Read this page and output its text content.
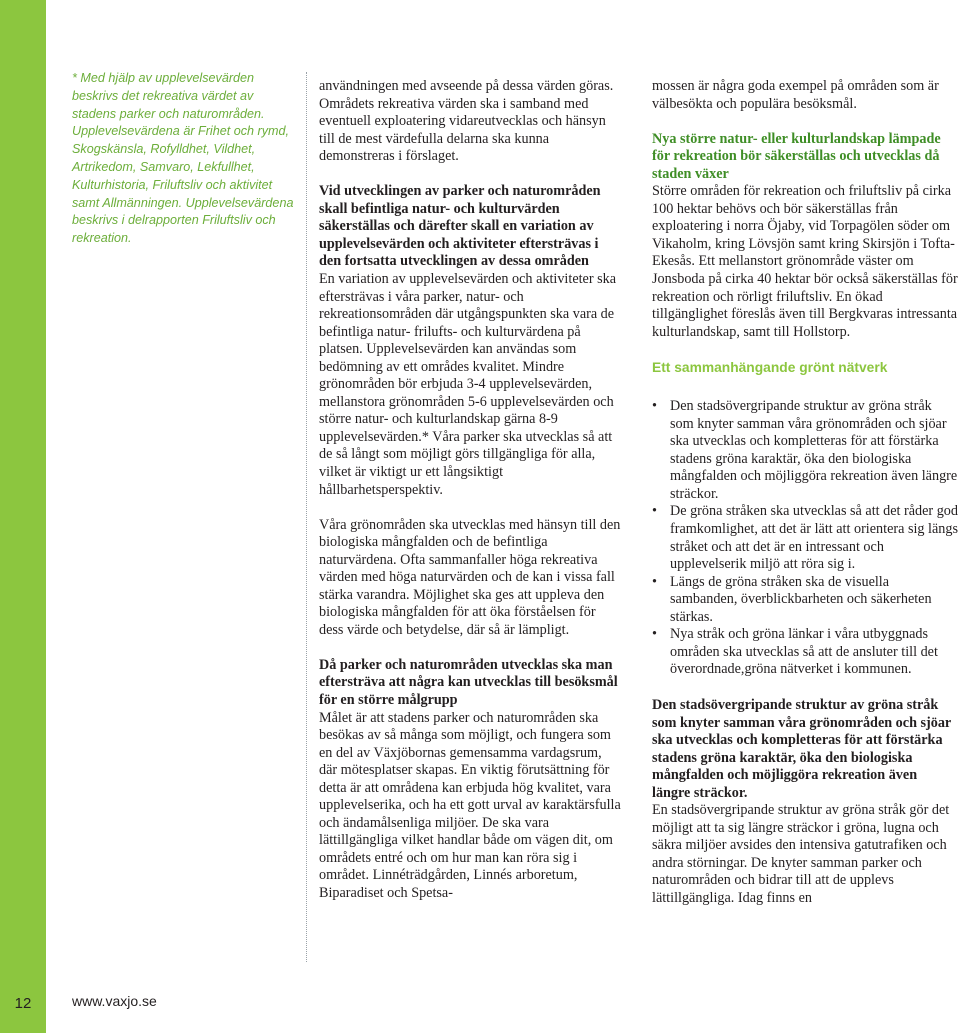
12	www.vaxjo.se

* Med hjälp av upplevelsevärden beskrivs det rekreativa värdet av stadens parker och naturområden. Upplevelsevärdena är Frihet och rymd, Skogskänsla, Rofylldhet, Vildhet, Artrikedom, Samvaro, Lekfullhet, Kulturhistoria, Friluftsliv och aktivitet samt Allmänningen. Upplevelsevärdena beskrivs i delrapporten Friluftsliv och rekreation.

användningen med avseende på dessa värden göras. Områdets rekreativa värden ska i samband med eventuell exploatering vidareutvecklas och hänsyn till de mest värdefulla delarna ska kunna demonstreras i förslaget.

Vid utvecklingen av parker och naturområden skall befintliga natur- och kulturvärden säkerställas och därefter skall en variation av upplevelsevärden och aktiviteter eftersträvas i den fortsatta utvecklingen av dessa områden

En variation av upplevelsevärden och aktiviteter ska eftersträvas i våra parker, natur- och rekreationsområden där utgångspunkten ska vara de befintliga natur- frilufts- och kulturvärdena på platsen. Upplevelsevärden kan användas som bedömning av ett områdes kvalitet. Mindre grönområden bör erbjuda 3-4 upplevelsevärden, mellanstora grönområden 5-6 upplevelsevärden och större natur- och kulturlandskap gärna 8-9 upplevelsevärden.* Våra parker ska utvecklas så att de så långt som möjligt görs tillgängliga för alla, vilket är viktigt ur ett långsiktigt hållbarhetsperspektiv.

Våra grönområden ska utvecklas med hänsyn till den biologiska mångfalden och de befintliga naturvärdena. Ofta sammanfaller höga rekreativa värden med höga naturvärden och de kan i vissa fall stärka varandra. Möjlighet ska ges att uppleva den biologiska mångfalden för att öka förståelsen för dess värde och betydelse, där så är lämpligt.

Då parker och naturområden utvecklas ska man eftersträva att några kan utvecklas till besöksmål för en större målgrupp

Målet är att stadens parker och naturområden ska besökas av så många som möjligt, och fungera som en del av Växjöbornas gemensamma vardagsrum, där mötesplatser skapas. En viktig förutsättning för detta är att områdena kan erbjuda hög kvalitet, vara upplevelserika, och ha ett gott urval av karaktärsfulla och ändamålsenliga miljöer. De ska vara lättillgängliga vilket handlar både om vägen dit, om områdets entré och om hur man kan röra sig i området. Linnéträdgården, Linnés arboretum, Biparadiset och Spetsa-

mossen är några goda exempel på områden som är välbesökta och populära besöksmål.

Nya större natur- eller kulturlandskap lämpade för rekreation bör säkerställas och utvecklas då staden växer

Större områden för rekreation och friluftsliv på cirka 100 hektar behövs och bör säkerställas från exploatering i norra Öjaby, vid Torpagölen söder om Vikaholm, kring Lövsjön samt kring Skirsjön i Tofta-Ekesås. Ett mellanstort grönområde väster om Jonsboda på cirka 40 hektar bör också säkerställas för rekreation och rörligt friluftsliv. En ökad tillgänglighet föreslås även till Bergkvaras intressanta kulturlandskap, samt till Hollstorp.

Ett sammanhängande grönt nätverk
• Den stadsövergripande struktur av gröna stråk som knyter samman våra grönområden och sjöar ska utvecklas och kompletteras för att förstärka stadens gröna karaktär, öka den biologiska mångfalden och möjliggöra rekreation även längre sträckor.
• De gröna stråken ska utvecklas så att det råder god framkomlighet, att det är lätt att orientera sig längs stråket och att det är en intressant och upplevelserik miljö att röra sig i.
• Längs de gröna stråken ska de visuella sambanden, överblickbarheten och säkerheten stärkas.
• Nya stråk och gröna länkar i våra utbyggnads områden ska utvecklas så att de ansluter till det överordnade,gröna nätverket i kommunen.

Den stadsövergripande struktur av gröna stråk som knyter samman våra grönområden och sjöar ska utvecklas och kompletteras för att förstärka stadens gröna karaktär, öka den biologiska mångfalden och möjliggöra rekreation även längre sträckor.

En stadsövergripande struktur av gröna stråk gör det möjligt att ta sig längre sträckor i gröna, lugna och säkra miljöer avsides den intensiva gatutrafiken och andra störningar. De knyter samman parker och naturområden och bidrar till att de upplevs lättillgängliga. Idag finns en
